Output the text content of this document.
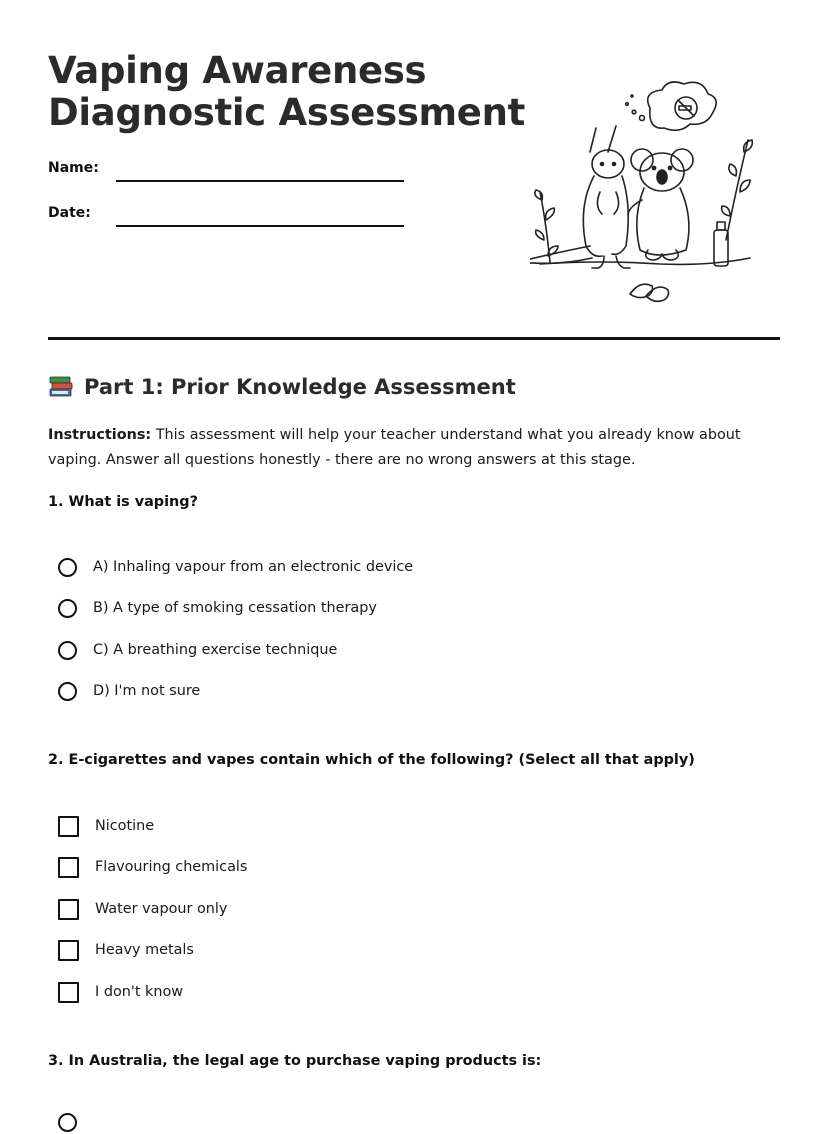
Vaping Awareness
Diagnostic Assessment
Name:
Date:
Part 1: Prior Knowledge Assessment

Instructions: This assessment will help your teacher understand what you already know about vaping. Answer all questions honestly - there are no wrong answers at this stage.

1. What is vaping?

A) Inhaling vapour from an electronic device
B) A type of smoking cessation therapy
C) A breathing exercise technique
D) I'm not sure

2. E-cigarettes and vapes contain which of the following? (Select all that apply)

Nicotine
Flavouring chemicals
Water vapour only
Heavy metals
I don't know

3. In Australia, the legal age to purchase vaping products is:
